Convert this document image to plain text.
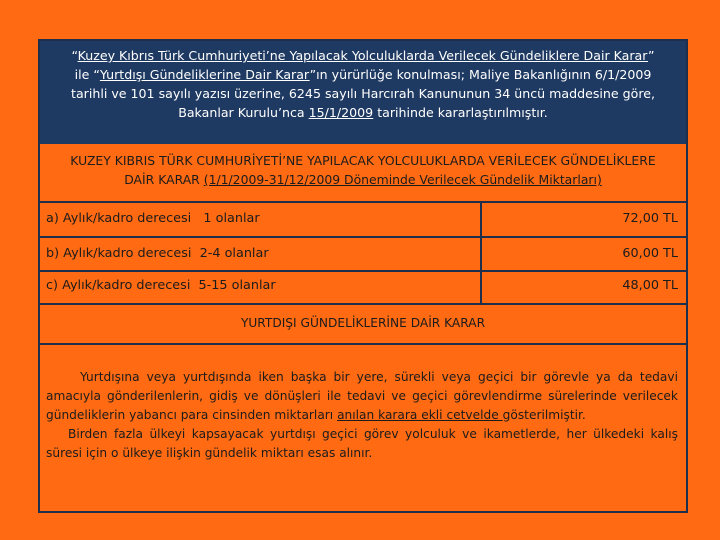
“Kuzey Kıbrıs Türk Cumhuriyeti’ne Yapılacak Yolculuklarda Verilecek Gündeliklere Dair Karar”
ile “Yurtdışı Gündeliklerine Dair Karar”ın yürürlüğe konulması; Maliye Bakanlığının 6/1/2009
tarihli ve 101 sayılı yazısı üzerine, 6245 sayılı Harcırah Kanununun 34 üncü maddesine göre,
Bakanlar Kurulu’nca 15/1/2009 tarihinde kararlaştırılmıştır.
KUZEY KIBRIS TÜRK CUMHURİYETİ’NE YAPILACAK YOLCULUKLARDA VERİLECEK GÜNDELİKLERE
DAİR KARAR (1/1/2009-31/12/2009 Döneminde Verilecek Gündelik Miktarları)
a) Aylık/kadro derecesi   1 olanlar	72,00 TL
b) Aylık/kadro derecesi  2-4 olanlar	60,00 TL
c) Aylık/kadro derecesi  5-15 olanlar	48,00 TL
YURTDIŞI GÜNDELİKLERİNE DAİR KARAR

Yurtdışına veya yurtdışında iken başka bir yere, sürekli veya geçici bir görevle ya da tedavi amacıyla gönderilenlerin, gidiş ve dönüşleri ile tedavi ve geçici görevlendirme sürelerinde verilecek gündeliklerin yabancı para cinsinden miktarları anılan karara ekli cetvelde gösterilmiştir.

Birden fazla ülkeyi kapsayacak yurtdışı geçici görev yolculuk ve ikametlerde, her ülkedeki kalış süresi için o ülkeye ilişkin gündelik miktarı esas alınır.
